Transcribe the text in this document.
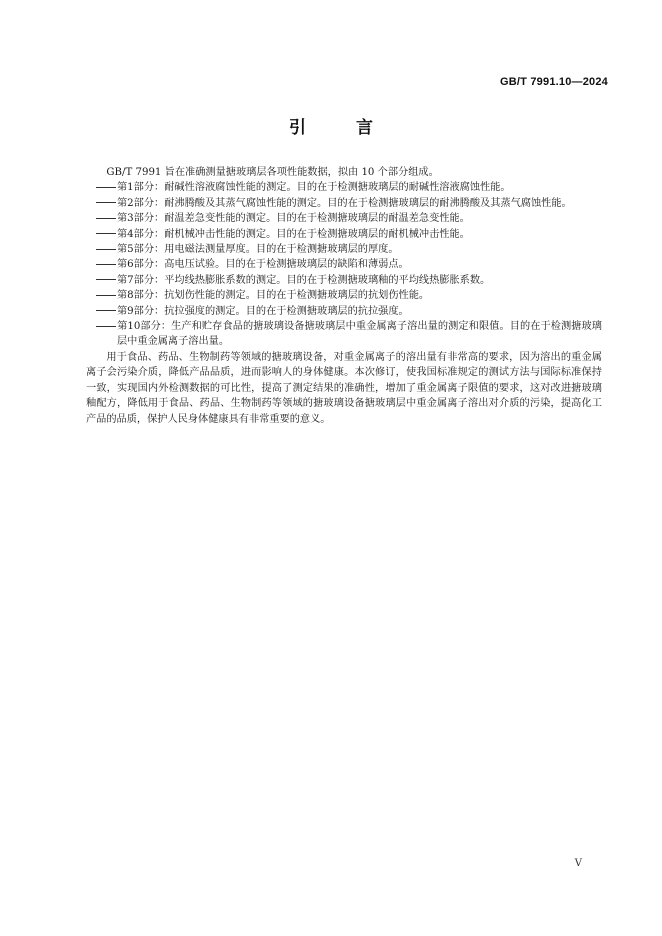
GB/T 7991.10—2024
引 言

GB/T 7991 旨在准确测量搪玻璃层各项性能数据，拟由 10 个部分组成。

第1部分：耐碱性溶液腐蚀性能的测定。目的在于检测搪玻璃层的耐碱性溶液腐蚀性能。

第2部分：耐沸腾酸及其蒸气腐蚀性能的测定。目的在于检测搪玻璃层的耐沸腾酸及其蒸气腐蚀性能。

第3部分：耐温差急变性能的测定。目的在于检测搪玻璃层的耐温差急变性能。

第4部分：耐机械冲击性能的测定。目的在于检测搪玻璃层的耐机械冲击性能。

第5部分：用电磁法测量厚度。目的在于检测搪玻璃层的厚度。

第6部分：高电压试验。目的在于检测搪玻璃层的缺陷和薄弱点。

第7部分：平均线热膨胀系数的测定。目的在于检测搪玻璃釉的平均线热膨胀系数。

第8部分：抗划伤性能的测定。目的在于检测搪玻璃层的抗划伤性能。

第9部分：抗拉强度的测定。目的在于检测搪玻璃层的抗拉强度。

第10部分：生产和贮存食品的搪玻璃设备搪玻璃层中重金属离子溶出量的测定和限值。目的在于检测搪玻璃层中重金属离子溶出量。

用于食品、药品、生物制药等领域的搪玻璃设备，对重金属离子的溶出量有非常高的要求，因为溶出的重金属离子会污染介质，降低产品品质，进而影响人的身体健康。本次修订，使我国标准规定的测试方法与国际标准保持一致，实现国内外检测数据的可比性，提高了测定结果的准确性，增加了重金属离子限值的要求，这对改进搪玻璃釉配方，降低用于食品、药品、生物制药等领域的搪玻璃设备搪玻璃层中重金属离子溶出对介质的污染，提高化工产品的品质，保护人民身体健康具有非常重要的意义。

V
